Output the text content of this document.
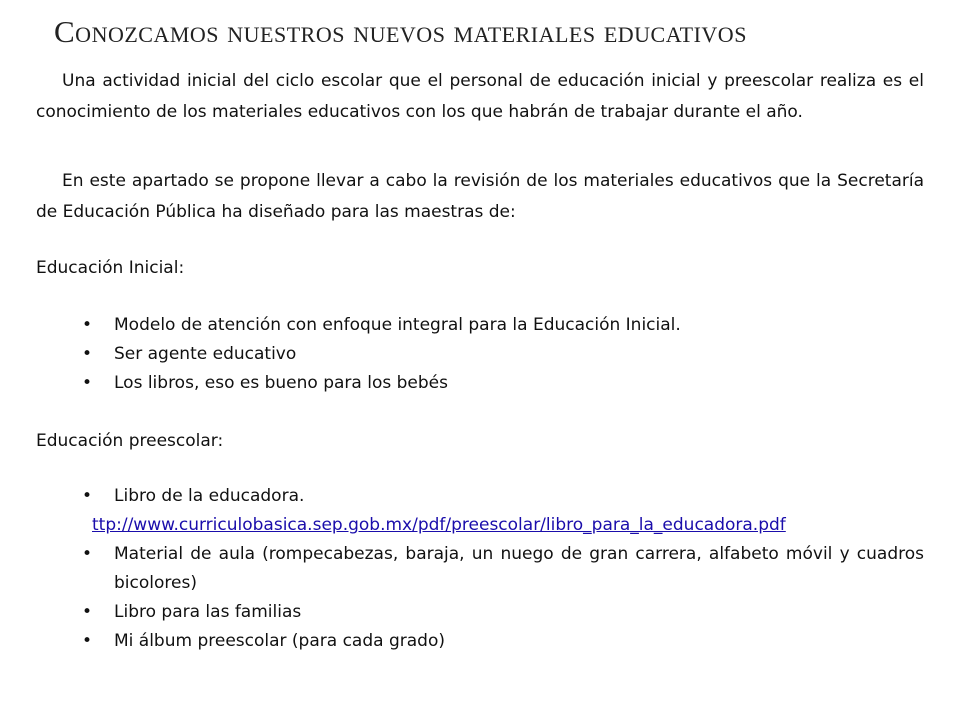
Conozcamos nuestros nuevos materiales educativos

Una actividad inicial del ciclo escolar que el personal de educación inicial y preescolar realiza es el conocimiento de los materiales educativos con los que habrán de trabajar durante el año.

En este apartado se propone llevar a cabo la revisión de los materiales educativos que la Secretaría de Educación Pública ha diseñado para las maestras de:

Educación Inicial:
• Modelo de atención con enfoque integral para la Educación Inicial.
• Ser agente educativo
• Los libros, eso es bueno para los bebés
Educación preescolar:
• Libro de la educadora.
ttp://www.curriculobasica.sep.gob.mx/pdf/preescolar/libro_para_la_educadora.pdf
• Material de aula (rompecabezas, baraja, un nuego de gran carrera, alfabeto móvil y cuadros bicolores)
• Libro para las familias
• Mi álbum preescolar (para cada grado)
